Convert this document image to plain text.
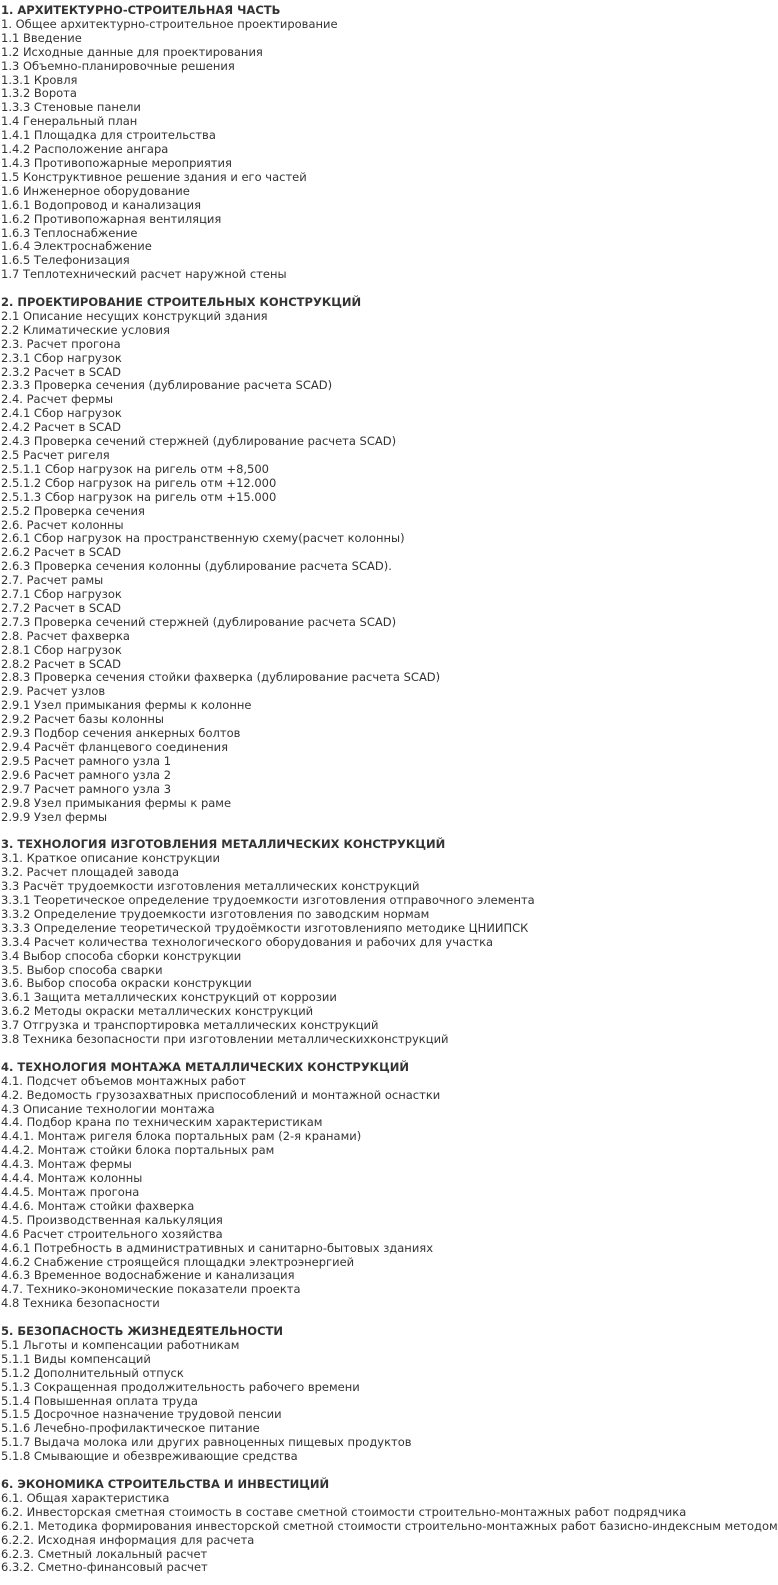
1. АРХИТЕКТУРНО-СТРОИТЕЛЬНАЯ ЧАСТЬ
1. Общее архитектурно-строительное проектирование
1.1 Введение
1.2 Исходные данные для проектирования
1.3 Объемно-планировочные решения
1.3.1 Кровля
1.3.2 Ворота
1.3.3 Стеновые панели
1.4 Генеральный план
1.4.1 Площадка для строительства
1.4.2 Расположение ангара
1.4.3 Противопожарные мероприятия
1.5 Конструктивное решение здания и его частей
1.6 Инженерное оборудование
1.6.1 Водопровод и канализация
1.6.2 Противопожарная вентиляция
1.6.3 Теплоснабжение
1.6.4 Электроснабжение
1.6.5 Телефонизация
1.7 Теплотехнический расчет наружной стены
2. ПРОЕКТИРОВАНИЕ СТРОИТЕЛЬНЫХ КОНСТРУКЦИЙ
2.1 Описание несущих конструкций здания
2.2 Климатические условия
2.3. Расчет прогона
2.3.1 Сбор нагрузок
2.3.2 Расчет в SCAD
2.3.3 Проверка сечения (дублирование расчета SCAD)
2.4. Расчет фермы
2.4.1 Сбор нагрузок
2.4.2 Расчет в SCAD
2.4.3 Проверка сечений стержней (дублирование расчета SCAD)
2.5 Расчет ригеля
2.5.1.1 Сбор нагрузок на ригель отм +8,500
2.5.1.2 Сбор нагрузок на ригель отм +12.000
2.5.1.3 Сбор нагрузок на ригель отм +15.000
2.5.2 Проверка сечения
2.6. Расчет колонны
2.6.1 Сбор нагрузок на пространственную схему(расчет колонны)
2.6.2 Расчет в SCAD
2.6.3 Проверка сечения колонны (дублирование расчета SCAD).
2.7. Расчет рамы
2.7.1 Сбор нагрузок
2.7.2 Расчет в SCAD
2.7.3 Проверка сечений стержней (дублирование расчета SCAD)
2.8. Расчет фахверка
2.8.1 Сбор нагрузок
2.8.2 Расчет в SCAD
2.8.3 Проверка сечения стойки фахверка (дублирование расчета SCAD)
2.9. Расчет узлов
2.9.1 Узел примыкания фермы к колонне
2.9.2 Расчет базы колонны
2.9.3 Подбор сечения анкерных болтов
2.9.4 Расчёт фланцевого соединения
2.9.5 Расчет рамного узла 1
2.9.6 Расчет рамного узла 2
2.9.7 Расчет рамного узла 3
2.9.8 Узел примыкания фермы к раме
2.9.9 Узел фермы
3. ТЕХНОЛОГИЯ ИЗГОТОВЛЕНИЯ МЕТАЛЛИЧЕСКИХ КОНСТРУКЦИЙ
3.1. Краткое описание конструкции
3.2. Расчет площадей завода
3.3 Расчёт трудоемкости изготовления металлических конструкций
3.3.1 Теоретическое определение трудоемкости изготовления отправочного элемента
3.3.2 Определение трудоемкости изготовления по заводским нормам
3.3.3 Определение теоретической трудоёмкости изготовленияпо методике ЦНИИПСК
3.3.4 Расчет количества технологического оборудования и рабочих для участка
3.4 Выбор способа сборки конструкции
3.5. Выбор способа сварки
3.6. Выбор способа окраски конструкции
3.6.1 Защита металлических конструкций от коррозии
3.6.2 Методы окраски металлических конструкций
3.7 Отгрузка и транспортировка металлических конструкций
3.8 Техника безопасности при изготовлении металлическихконструкций
4. ТЕХНОЛОГИЯ МОНТАЖА МЕТАЛЛИЧЕСКИХ КОНСТРУКЦИЙ
4.1. Подсчет объемов монтажных работ
4.2. Ведомость грузозахватных приспособлений и монтажной оснастки
4.3 Описание технологии монтажа
4.4. Подбор крана по техническим характеристикам
4.4.1. Монтаж ригеля блока портальных рам (2-я кранами)
4.4.2. Монтаж стойки блока портальных рам
4.4.3. Монтаж фермы
4.4.4. Монтаж колонны
4.4.5. Монтаж прогона
4.4.6. Монтаж стойки фахверка
4.5. Производственная калькуляция
4.6 Расчет строительного хозяйства
4.6.1 Потребность в административных и санитарно-бытовых зданиях
4.6.2 Снабжение строящейся площадки электроэнергией
4.6.3 Временное водоснабжение и канализация
4.7. Технико-экономические показатели проекта
4.8 Техника безопасности
5. БЕЗОПАСНОСТЬ ЖИЗНЕДЕЯТЕЛЬНОСТИ
5.1 Льготы и компенсации работникам
5.1.1 Виды компенсаций
5.1.2 Дополнительный отпуск
5.1.3 Сокращенная продолжительность рабочего времени
5.1.4 Повышенная оплата труда
5.1.5 Досрочное назначение трудовой пенсии
5.1.6 Лечебно-профилактическое питание
5.1.7 Выдача молока или других равноценных пищевых продуктов
5.1.8 Смывающие и обезвреживающие средства
6. ЭКОНОМИКА СТРОИТЕЛЬСТВА И ИНВЕСТИЦИЙ
6.1. Общая характеристика
6.2. Инвесторская сметная стоимость в составе сметной стоимости строительно-монтажных работ подрядчика
6.2.1. Методика формирования инвесторской сметной стоимости строительно-монтажных работ базисно-индексным методом
6.2.2. Исходная информация для расчета
6.2.3. Сметный локальный расчет
6.3.2. Сметно-финансовый расчет
